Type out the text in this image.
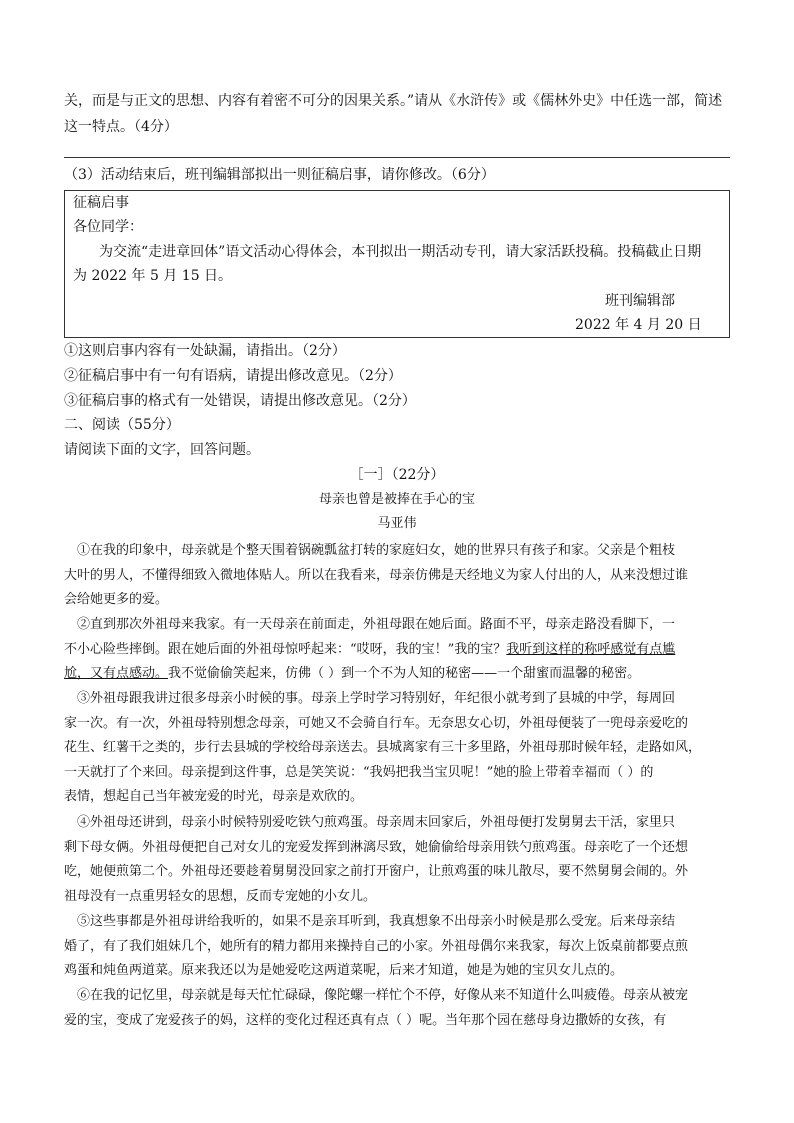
关，而是与正文的思想、内容有着密不可分的因果关系。”请从《水浒传》或《儒林外史》中任选一部，简述
这一特点。（4分）
（3）活动结束后，班刊编辑部拟出一则征稿启事，请你修改。（6分）
征稿启事
各位同学：
为交流“走进章回体”语文活动心得体会，本刊拟出一期活动专刊，请大家活跃投稿。投稿截止日期
为 2022 年 5 月 15 日。
班刊编辑部
2022 年 4 月 20 日
①这则启事内容有一处缺漏，请指出。（2分）
②征稿启事中有一句有语病，请提出修改意见。（2分）
③征稿启事的格式有一处错误，请提出修改意见。（2分）
二、阅读（55分）
请阅读下面的文字，回答问题。
［一］（22分）
母亲也曾是被捧在手心的宝
马亚伟
①在我的印象中，母亲就是个整天围着锅碗瓢盆打转的家庭妇女，她的世界只有孩子和家。父亲是个粗枝
大叶的男人，不懂得细致入微地体贴人。所以在我看来，母亲仿佛是天经地义为家人付出的人，从来没想过谁
会给她更多的爱。
②直到那次外祖母来我家。有一天母亲在前面走，外祖母跟在她后面。路面不平，母亲走路没看脚下，一
不小心险些摔倒。跟在她后面的外祖母惊呼起来：“哎呀，我的宝！”我的宝？我听到这样的称呼感觉有点尴
尬，又有点感动。我不觉偷偷笑起来，仿佛（ ）到一个不为人知的秘密——一个甜蜜而温馨的秘密。
③外祖母跟我讲过很多母亲小时候的事。母亲上学时学习特别好，年纪很小就考到了县城的中学，每周回
家一次。有一次，外祖母特别想念母亲，可她又不会骑自行车。无奈思女心切，外祖母便装了一兜母亲爱吃的
花生、红薯干之类的，步行去县城的学校给母亲送去。县城离家有三十多里路，外祖母那时候年轻，走路如风，
一天就打了个来回。母亲提到这件事，总是笑笑说：“我妈把我当宝贝呢！”她的脸上带着幸福而（ ）的
表情，想起自己当年被宠爱的时光，母亲是欢欣的。
④外祖母还讲到，母亲小时候特别爱吃铁勺煎鸡蛋。母亲周末回家后，外祖母便打发舅舅去干活，家里只
剩下母女俩。外祖母便把自己对女儿的宠爱发挥到淋漓尽致，她偷偷给母亲用铁勺煎鸡蛋。母亲吃了一个还想
吃，她便煎第二个。外祖母还要趁着舅舅没回家之前打开窗户，让煎鸡蛋的味儿散尽，要不然舅舅会闹的。外
祖母没有一点重男轻女的思想，反而专宠她的小女儿。
⑤这些事都是外祖母讲给我听的，如果不是亲耳听到，我真想象不出母亲小时候是那么受宠。后来母亲结
婚了，有了我们姐妹几个，她所有的精力都用来操持自己的小家。外祖母偶尔来我家，每次上饭桌前都要点煎
鸡蛋和炖鱼两道菜。原来我还以为是她爱吃这两道菜呢，后来才知道，她是为她的宝贝女儿点的。
⑥在我的记忆里，母亲就是每天忙忙碌碌，像陀螺一样忙个不停，好像从来不知道什么叫疲倦。母亲从被宠
爱的宝，变成了宠爱孩子的妈，这样的变化过程还真有点（ ）呢。当年那个园在慈母身边撒娇的女孩，有
